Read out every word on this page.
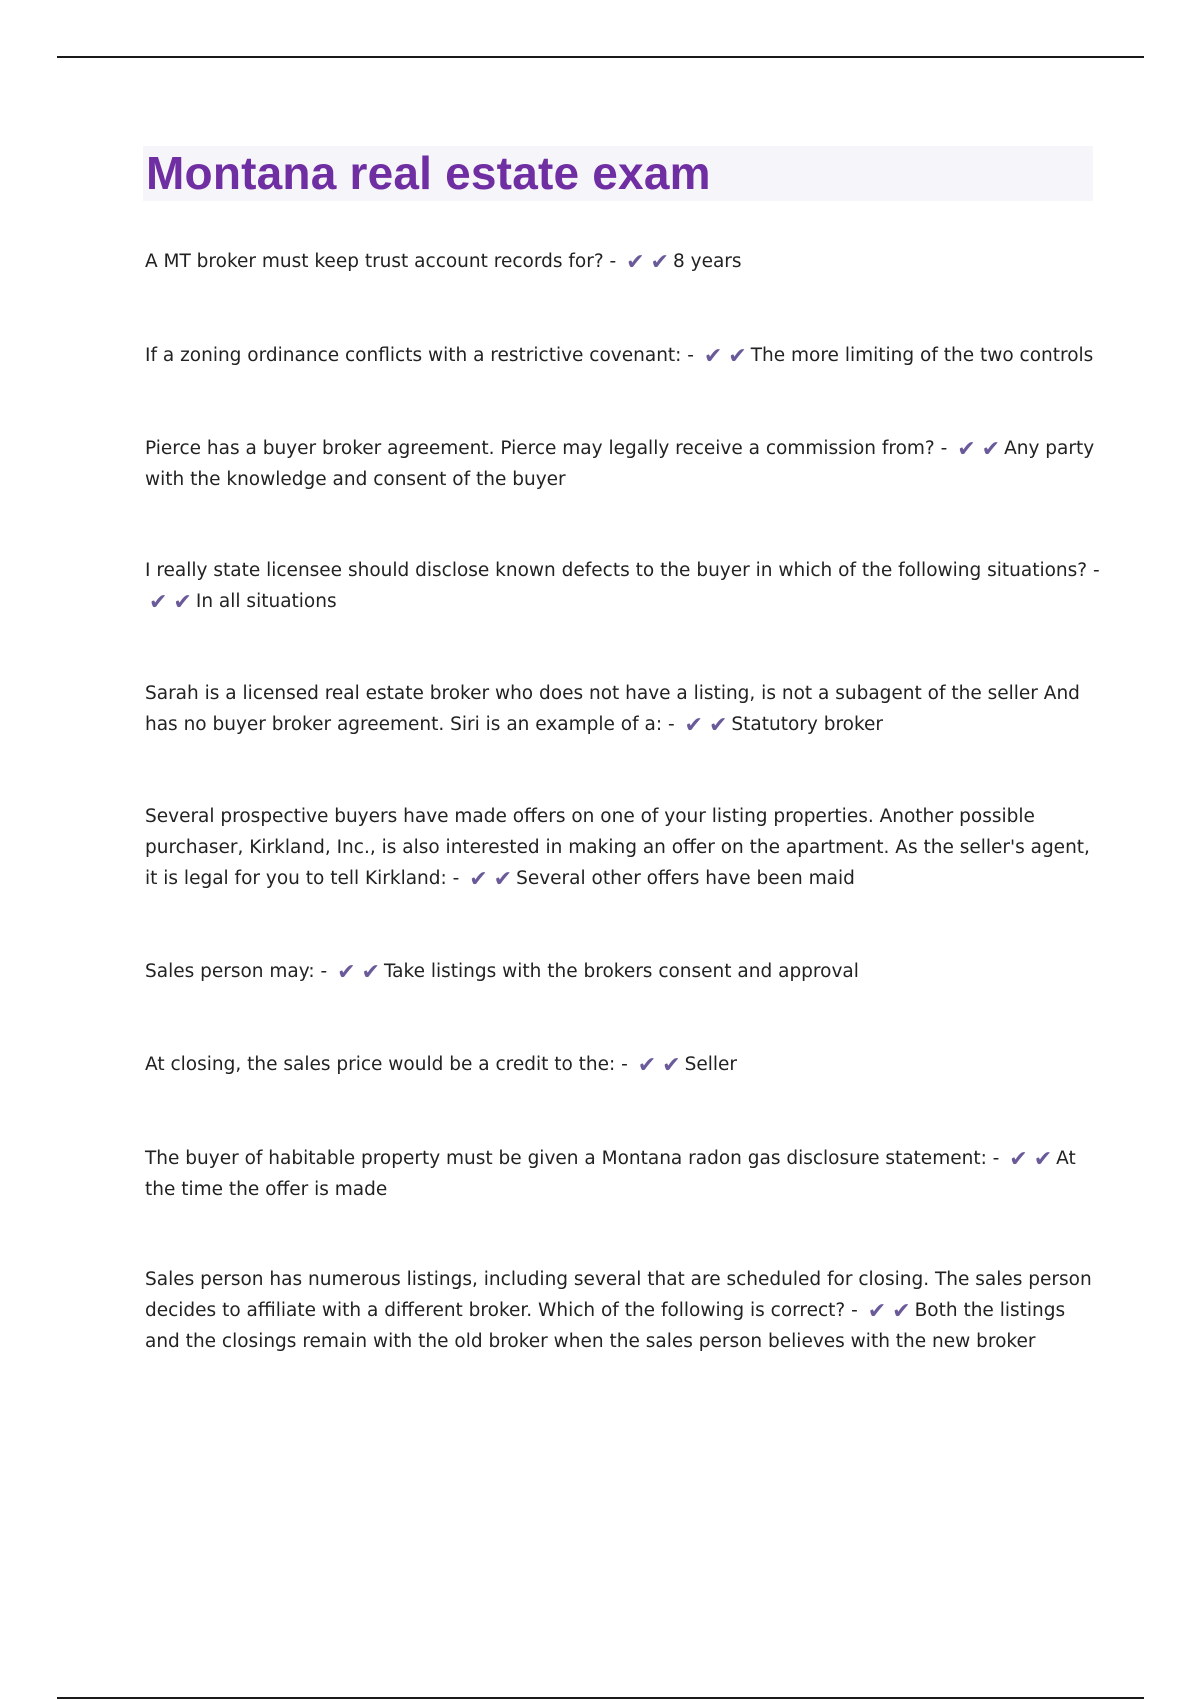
Montana real estate exam

A MT broker must keep trust account records for? - ✔✔8 years

If a zoning ordinance conflicts with a restrictive covenant: - ✔✔The more limiting of the two controls

Pierce has a buyer broker agreement. Pierce may legally receive a commission from? - ✔✔Any party with the knowledge and consent of the buyer

I really state licensee should disclose known defects to the buyer in which of the following situations? - ✔✔In all situations

Sarah is a licensed real estate broker who does not have a listing, is not a subagent of the seller And has no buyer broker agreement. Siri is an example of a: - ✔✔Statutory broker

Several prospective buyers have made offers on one of your listing properties. Another possible purchaser, Kirkland, Inc., is also interested in making an offer on the apartment. As the seller's agent, it is legal for you to tell Kirkland: - ✔✔Several other offers have been maid

Sales person may: - ✔✔Take listings with the brokers consent and approval

At closing, the sales price would be a credit to the: - ✔✔Seller

The buyer of habitable property must be given a Montana radon gas disclosure statement: - ✔✔At the time the offer is made

Sales person has numerous listings, including several that are scheduled for closing. The sales person decides to affiliate with a different broker. Which of the following is correct? - ✔✔Both the listings and the closings remain with the old broker when the sales person believes with the new broker
